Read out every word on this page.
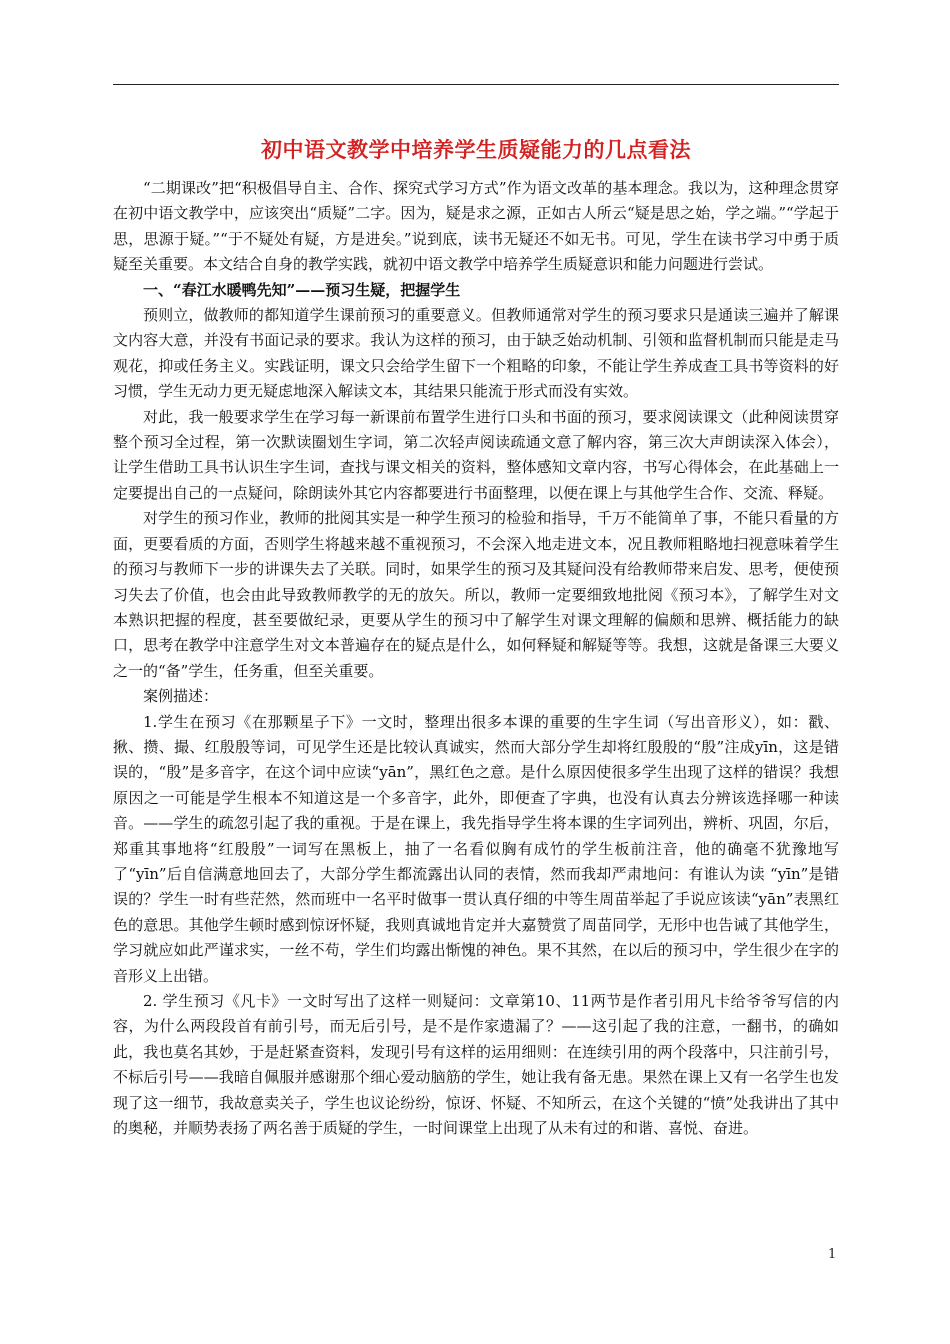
初中语文教学中培养学生质疑能力的几点看法

“二期课改”把“积极倡导自主、合作、探究式学习方式”作为语文改革的基本理念。我以为，这种理念贯穿在初中语文教学中，应该突出“质疑”二字。因为，疑是求之源，正如古人所云“疑是思之始，学之端。”“学起于思，思源于疑。”“于不疑处有疑，方是进矣。”说到底，读书无疑还不如无书。可见，学生在读书学习中勇于质疑至关重要。本文结合自身的教学实践，就初中语文教学中培养学生质疑意识和能力问题进行尝试。

一、“春江水暖鸭先知”——预习生疑，把握学生

预则立，做教师的都知道学生课前预习的重要意义。但教师通常对学生的预习要求只是通读三遍并了解课文内容大意，并没有书面记录的要求。我认为这样的预习，由于缺乏始动机制、引领和监督机制而只能是走马观花，抑或任务主义。实践证明，课文只会给学生留下一个粗略的印象，不能让学生养成查工具书等资料的好习惯，学生无动力更无疑虑地深入解读文本，其结果只能流于形式而没有实效。

对此，我一般要求学生在学习每一新课前布置学生进行口头和书面的预习，要求阅读课文（此种阅读贯穿整个预习全过程，第一次默读圈划生字词，第二次轻声阅读疏通文意了解内容，第三次大声朗读深入体会），让学生借助工具书认识生字生词，查找与课文相关的资料，整体感知文章内容，书写心得体会，在此基础上一定要提出自己的一点疑问，除朗读外其它内容都要进行书面整理，以便在课上与其他学生合作、交流、释疑。

对学生的预习作业，教师的批阅其实是一种学生预习的检验和指导，千万不能简单了事，不能只看量的方面，更要看质的方面，否则学生将越来越不重视预习，不会深入地走进文本，况且教师粗略地扫视意味着学生的预习与教师下一步的讲课失去了关联。同时，如果学生的预习及其疑问没有给教师带来启发、思考，便使预习失去了价值，也会由此导致教师教学的无的放矢。所以，教师一定要细致地批阅《预习本》，了解学生对文本熟识把握的程度，甚至要做纪录，更要从学生的预习中了解学生对课文理解的偏颇和思辨、概括能力的缺口，思考在教学中注意学生对文本普遍存在的疑点是什么，如何释疑和解疑等等。我想，这就是备课三大要义之一的“备”学生，任务重，但至关重要。

案例描述：

1.学生在预习《在那颗星子下》一文时，整理出很多本课的重要的生字生词（写出音形义），如：戳、揪、攒、撮、红殷殷等词，可见学生还是比较认真诚实，然而大部分学生却将红殷殷的“殷”注成yīn，这是错误的，“殷”是多音字，在这个词中应读“yān”，黑红色之意。是什么原因使很多学生出现了这样的错误？我想原因之一可能是学生根本不知道这是一个多音字，此外，即便查了字典，也没有认真去分辨该选择哪一种读音。——学生的疏忽引起了我的重视。于是在课上，我先指导学生将本课的生字词列出，辨析、巩固，尔后，郑重其事地将“红殷殷”一词写在黑板上，抽了一名看似胸有成竹的学生板前注音，他的确毫不犹豫地写了“yīn”后自信满意地回去了，大部分学生都流露出认同的表情，然而我却严肃地问：有谁认为读 “yīn”是错误的？学生一时有些茫然，然而班中一名平时做事一贯认真仔细的中等生周苗举起了手说应该读“yān”表黑红色的意思。其他学生顿时感到惊讶怀疑，我则真诚地肯定并大嘉赞赏了周苗同学，无形中也告诫了其他学生，学习就应如此严谨求实，一丝不苟，学生们均露出惭愧的神色。果不其然，在以后的预习中，学生很少在字的音形义上出错。

2. 学生预习《凡卡》一文时写出了这样一则疑问：文章第10、11两节是作者引用凡卡给爷爷写信的内容，为什么两段段首有前引号，而无后引号，是不是作家遗漏了？——这引起了我的注意，一翻书，的确如此，我也莫名其妙，于是赶紧查资料，发现引号有这样的运用细则：在连续引用的两个段落中，只注前引号，不标后引号——我暗自佩服并感谢那个细心爱动脑筋的学生，她让我有备无患。果然在课上又有一名学生也发现了这一细节，我故意卖关子，学生也议论纷纷，惊讶、怀疑、不知所云，在这个关键的“愤”处我讲出了其中的奥秘，并顺势表扬了两名善于质疑的学生，一时间课堂上出现了从未有过的和谐、喜悦、奋进。

1
